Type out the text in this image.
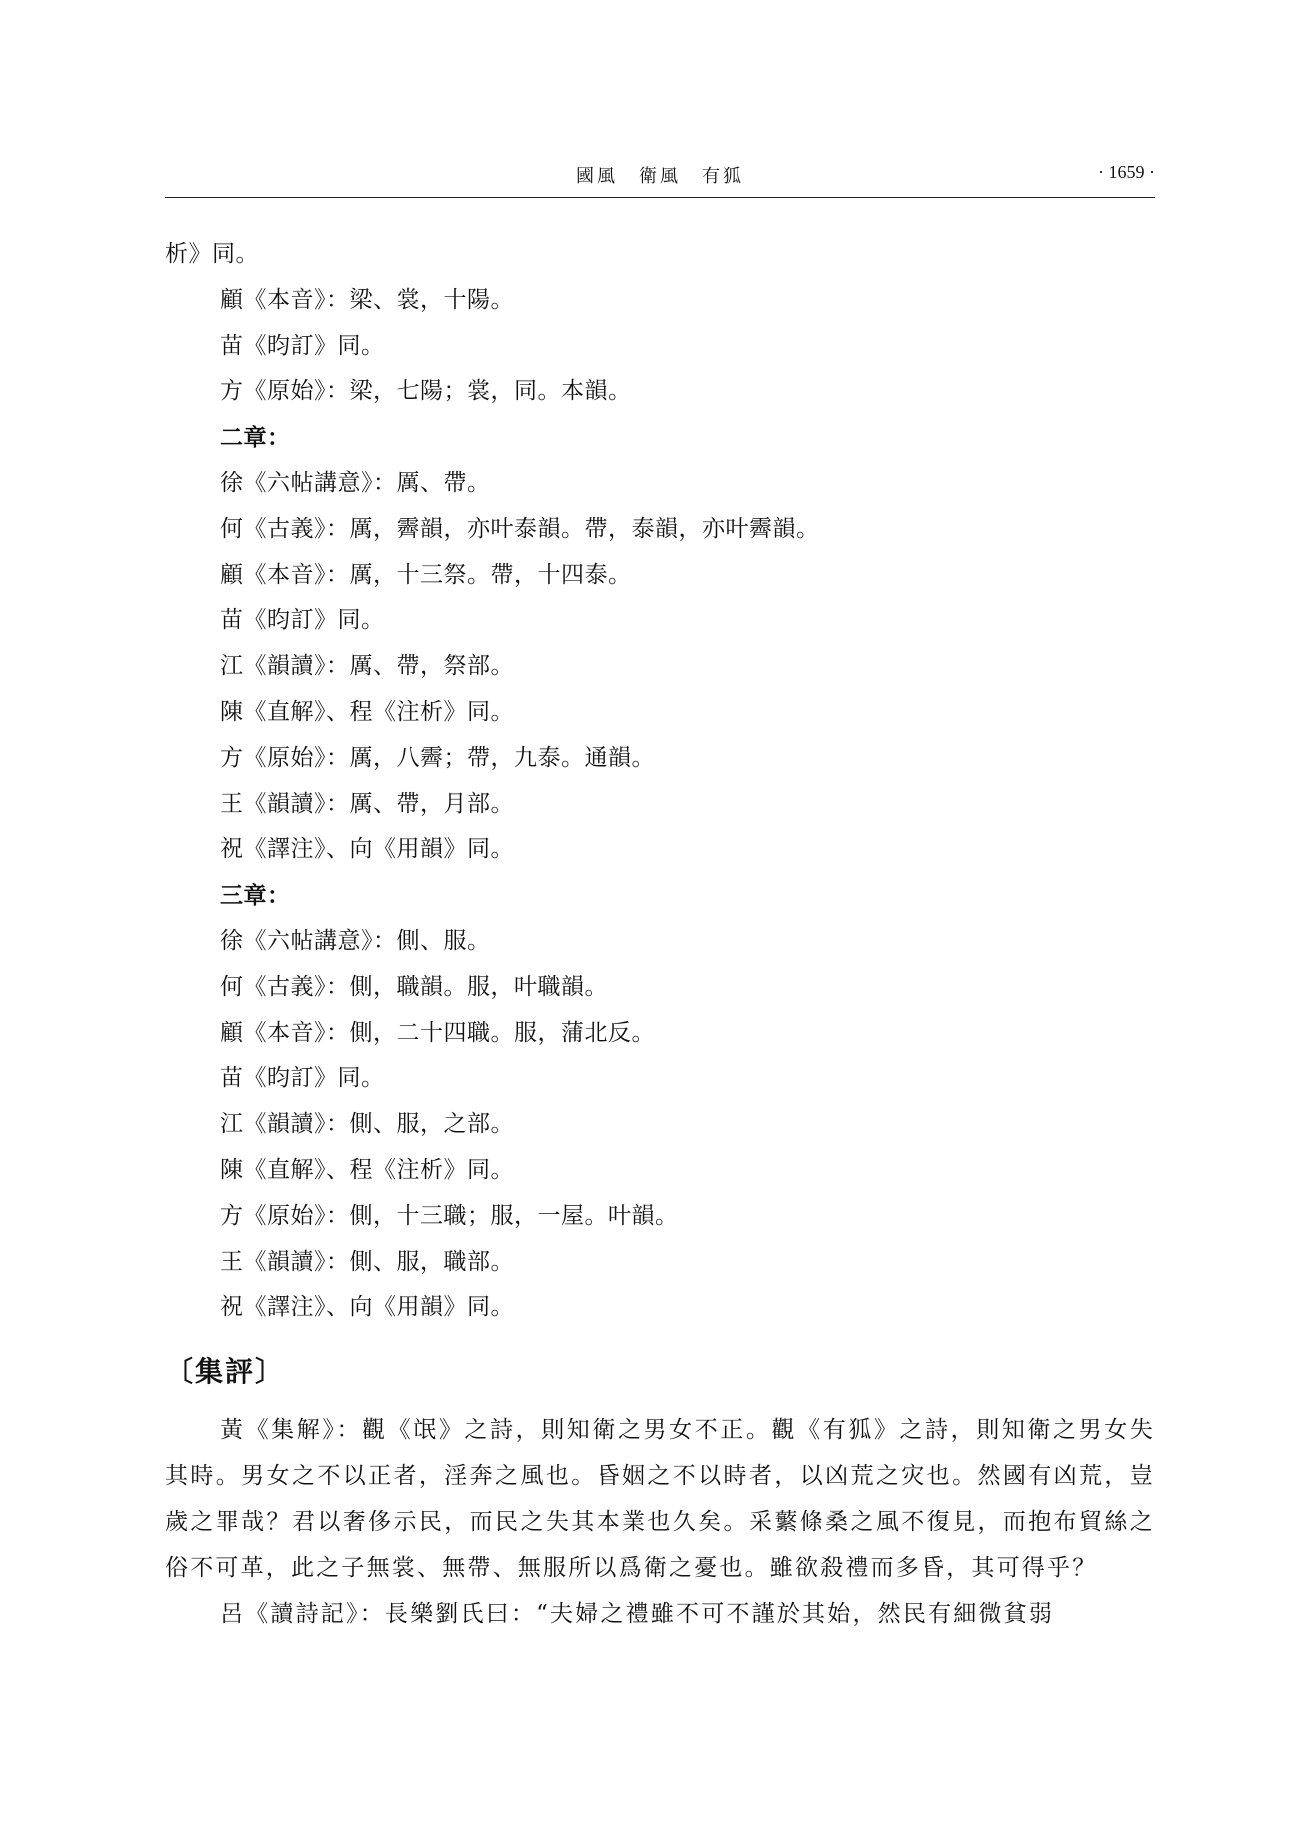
國風　衛風　有狐	· 1659 ·
析》同。
顧《本音》：梁、裳，十陽。
苗《昀訂》同。
方《原始》：梁，七陽；裳，同。本韻。
二章：
徐《六帖講意》：厲、帶。
何《古義》：厲，霽韻，亦叶泰韻。帶，泰韻，亦叶霽韻。
顧《本音》：厲，十三祭。帶，十四泰。
苗《昀訂》同。
江《韻讀》：厲、帶，祭部。
陳《直解》、程《注析》同。
方《原始》：厲，八霽；帶，九泰。通韻。
王《韻讀》：厲、帶，月部。
祝《譯注》、向《用韻》同。
三章：
徐《六帖講意》：側、服。
何《古義》：側，職韻。服，叶職韻。
顧《本音》：側，二十四職。服，蒲北反。
苗《昀訂》同。
江《韻讀》：側、服，之部。
陳《直解》、程《注析》同。
方《原始》：側，十三職；服，一屋。叶韻。
王《韻讀》：側、服，職部。
祝《譯注》、向《用韻》同。
〔集評〕

黃《集解》：觀《氓》之詩，則知衛之男女不正。觀《有狐》之詩，則知衛之男女失其時。男女之不以正者，淫奔之風也。昏姻之不以時者，以凶荒之灾也。然國有凶荒，豈歲之罪哉？君以奢侈示民，而民之失其本業也久矣。采蘩條桑之風不復見，而抱布貿絲之俗不可革，此之子無裳、無帶、無服所以爲衛之憂也。雖欲殺禮而多昏，其可得乎？

呂《讀詩記》：長樂劉氏曰：“夫婦之禮雖不可不謹於其始，然民有細微貧弱
